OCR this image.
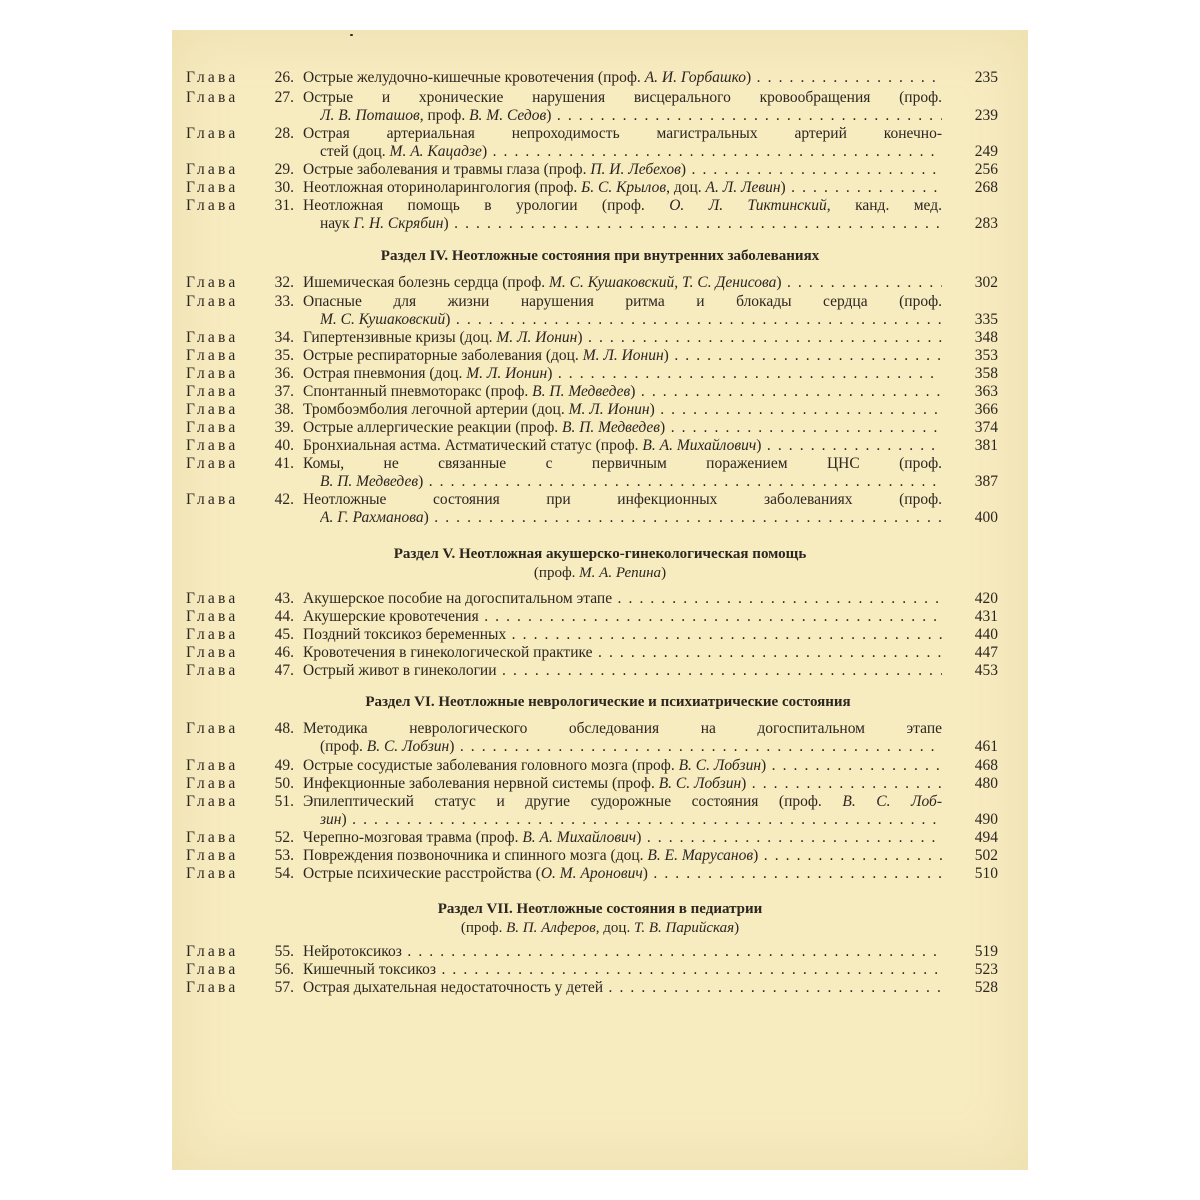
Глава 26. Острые желудочно-кишечные кровотечения (проф. А. И. Горбашко) . . .	235
Глава 27. Острые и хронические нарушения висцерального кровообращения (проф.
Л. В. Поташов, проф. В. М. Седов) . . .	239
Глава 28. Острая артериальная непроходимость магистральных артерий конечно-
стей (доц. М. А. Кацадзе) . . .	249
Глава 29. Острые заболевания и травмы глаза (проф. П. И. Лебехов) . . .	256
Глава 30. Неотложная оториноларингология (проф. Б. С. Крылов, доц. А. Л. Левин) . . .	268
Глава 31. Неотложная помощь в урологии (проф. О. Л. Тиктинский, канд. мед.
наук Г. Н. Скрябин) . . .	283
Глава 32. Ишемическая болезнь сердца (проф. М. С. Кушаковский, Т. С. Денисова) . . .	302
Глава 33. Опасные для жизни нарушения ритма и блокады сердца (проф.
М. С. Кушаковский) . . .	335
Глава 34. Гипертензивные кризы (доц. М. Л. Ионин) . . .	348
Глава 35. Острые респираторные заболевания (доц. М. Л. Ионин) . . .	353
Глава 36. Острая пневмония (доц. М. Л. Ионин) . . .	358
Глава 37. Спонтанный пневмоторакс (проф. В. П. Медведев) . . .	363
Глава 38. Тромбоэмболия легочной артерии (доц. М. Л. Ионин) . . .	366
Глава 39. Острые аллергические реакции (проф. В. П. Медведев) . . .	374
Глава 40. Бронхиальная астма. Астматический статус (проф. В. А. Михайлович) . . .	381
Глава 41. Комы, не связанные с первичным поражением ЦНС (проф.
В. П. Медведев) . . .	387
Глава 42. Неотложные состояния при инфекционных заболеваниях (проф.
А. Г. Рахманова) . . .	400
Глава 43. Акушерское пособие на догоспитальном этапе . . .	420
Глава 44. Акушерские кровотечения . . .	431
Глава 45. Поздний токсикоз беременных . . .	440
Глава 46. Кровотечения в гинекологической практике . . .	447
Глава 47. Острый живот в гинекологии . . .	453
Глава 48. Методика неврологического обследования на догоспитальном этапе
(проф. В. С. Лобзин) . . .	461
Глава 49. Острые сосудистые заболевания головного мозга (проф. В. С. Лобзин) . . .	468
Глава 50. Инфекционные заболевания нервной системы (проф. В. С. Лобзин) . . .	480
Глава 51. Эпилептический статус и другие судорожные состояния (проф. В. С. Лоб-
зин) . . .	490
Глава 52. Черепно-мозговая травма (проф. В. А. Михайлович) . . .	494
Глава 53. Повреждения позвоночника и спинного мозга (доц. В. Е. Марусанов) . . .	502
Глава 54. Острые психические расстройства (О. М. Аронович) . . .	510
Глава 55. Нейротоксикоз . . .	519
Глава 56. Кишечный токсикоз . . .	523
Глава 57. Острая дыхательная недостаточность у детей . . .	528
Раздел IV. Неотложные состояния при внутренних заболеваниях
Раздел V. Неотложная акушерско-гинекологическая помощь
(проф. М. А. Репина)
Раздел VI. Неотложные неврологические и психиатрические состояния
Раздел VII. Неотложные состояния в педиатрии
(проф. В. П. Алферов, доц. Т. В. Парийская)
